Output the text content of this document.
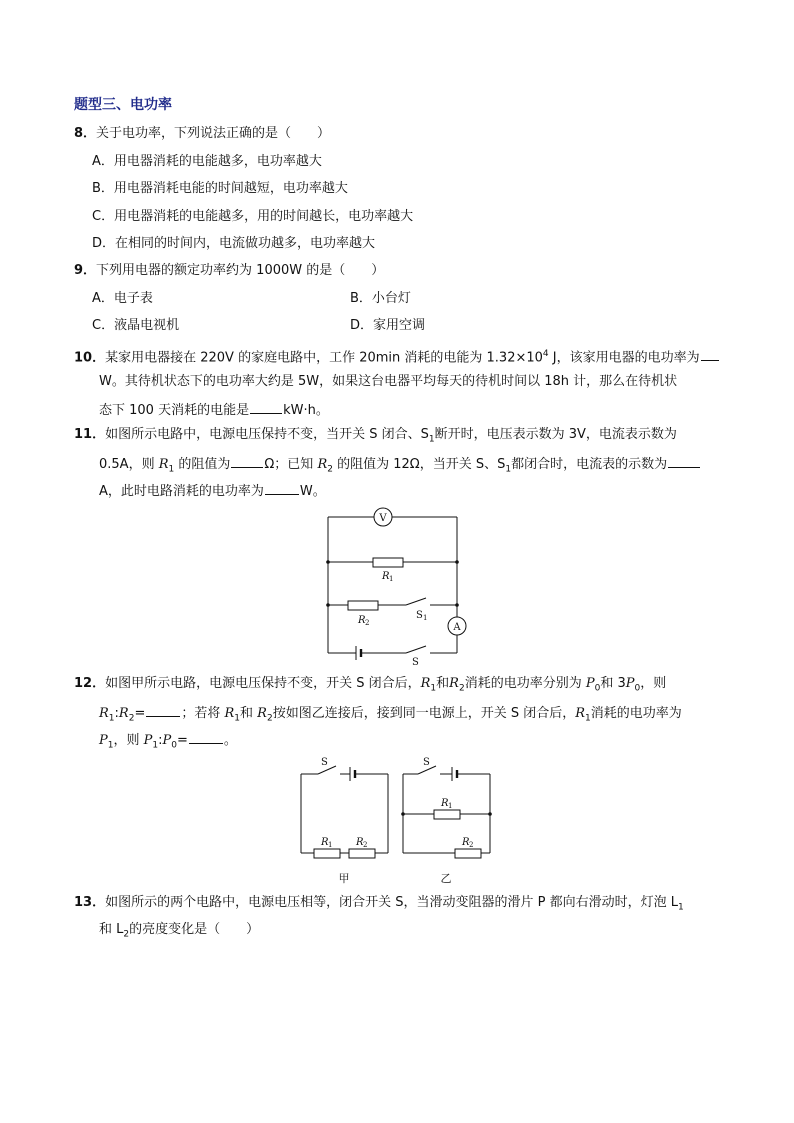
题型三、电功率
8．关于电功率，下列说法正确的是（　　）
A．用电器消耗的电能越多，电功率越大
B．用电器消耗电能的时间越短，电功率越大
C．用电器消耗的电能越多，用的时间越长，电功率越大
D．在相同的时间内，电流做功越多，电功率越大
9．下列用电器的额定功率约为 1000W 的是（　　）
A．电子表	B．小台灯
C．液晶电视机	D．家用空调
10．某家用电器接在 220V 的家庭电路中，工作 20min 消耗的电能为 $1.32\times 10^4$ J，该家用电器的电功率为
W。其待机状态下的电功率大约是 5W，如果这台电器平均每天的待机时间以 18h 计，那么在待机状
态下 100 天消耗的电能是	kW·h。
11．如图所示电路中，电源电压保持不变，当开关 S 闭合、$S_1$断开时，电压表示数为 3V，电流表示数为
0.5A，则 $R_1$ 的阻值为	Ω；已知 $R_2$ 的阻值为 12Ω，当开关 S、$S_1$都闭合时，电流表的示数为
A，此时电路消耗的电功率为	W。
V
A
R 1
R 2
S 1
S
12．如图甲所示电路，电源电压保持不变，开关 S 闭合后，$R_1$和$R_2$消耗的电功率分别为 $P_0$和 $3P_0$，则
$R_1:R_2=$	；若将 $R_1$和 $R_2$按如图乙连接后，接到同一电源上，开关 S 闭合后，$R_1$消耗的电功率为
$P_1$，则 $P_1:P_0=$	。
S	S
R 1 R 2
R 1
R 2
甲	乙
13．如图所示的两个电路中，电源电压相等，闭合开关 S，当滑动变阻器的滑片 P 都向右滑动时，灯泡 $L_1$
和 $L_2$的亮度变化是（　　）
